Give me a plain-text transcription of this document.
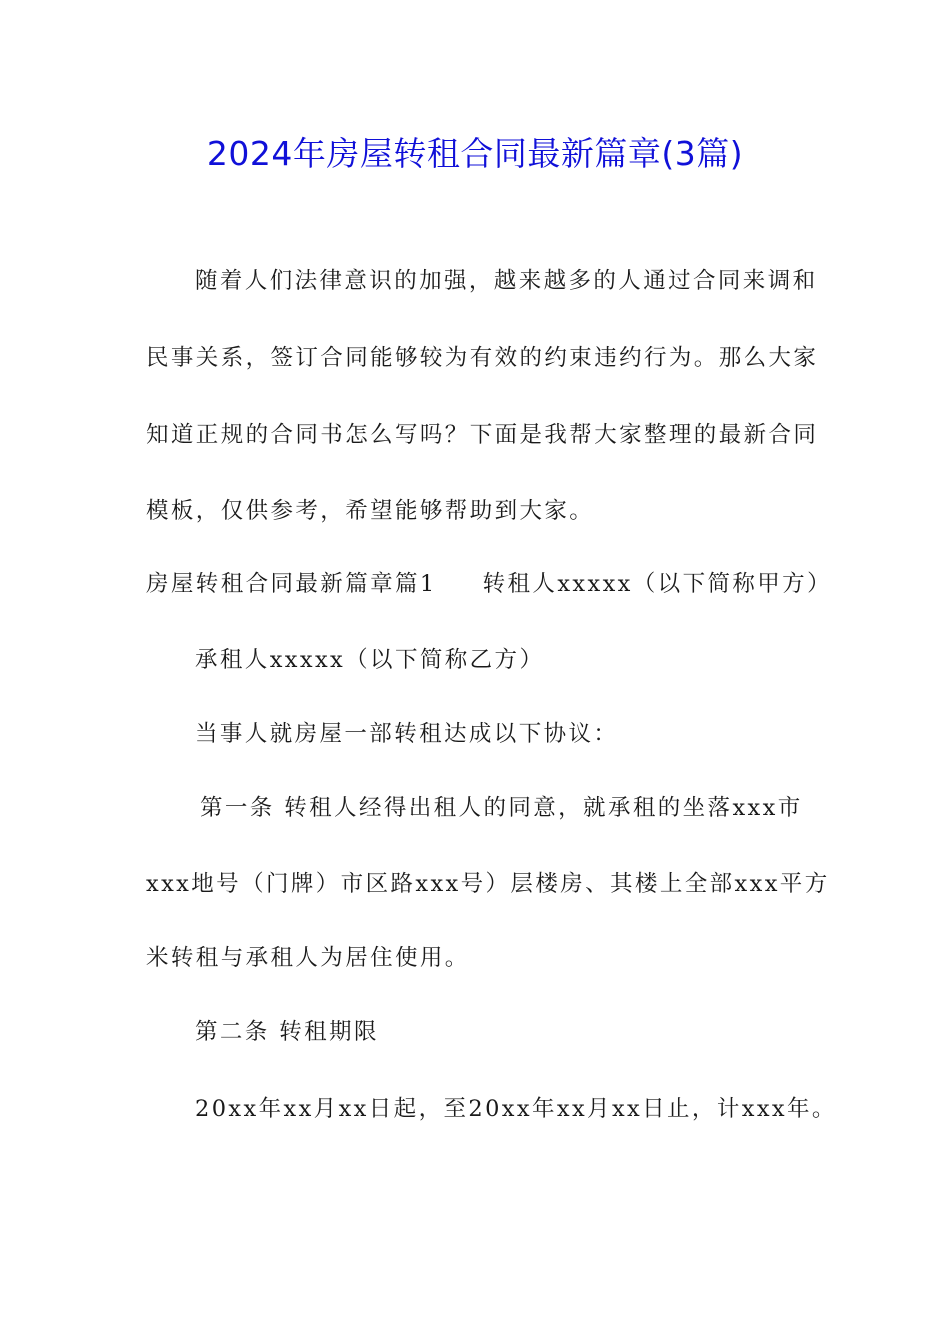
2024年房屋转租合同最新篇章(3篇)
随着人们法律意识的加强，越来越多的人通过合同来调和
民事关系，签订合同能够较为有效的约束违约行为。那么大家
知道正规的合同书怎么写吗？下面是我帮大家整理的最新合同
模板，仅供参考，希望能够帮助到大家。
房屋转租合同最新篇章篇1 转租人xxxxx（以下简称甲方）
承租人xxxxx（以下简称乙方）
当事人就房屋一部转租达成以下协议：
第一条 转租人经得出租人的同意，就承租的坐落xxx市
xxx地号（门牌）市区路xxx号）层楼房、其楼上全部xxx平方
米转租与承租人为居住使用。
第二条 转租期限
20xx年xx月xx日起，至20xx年xx月xx日止，计xxx年。
